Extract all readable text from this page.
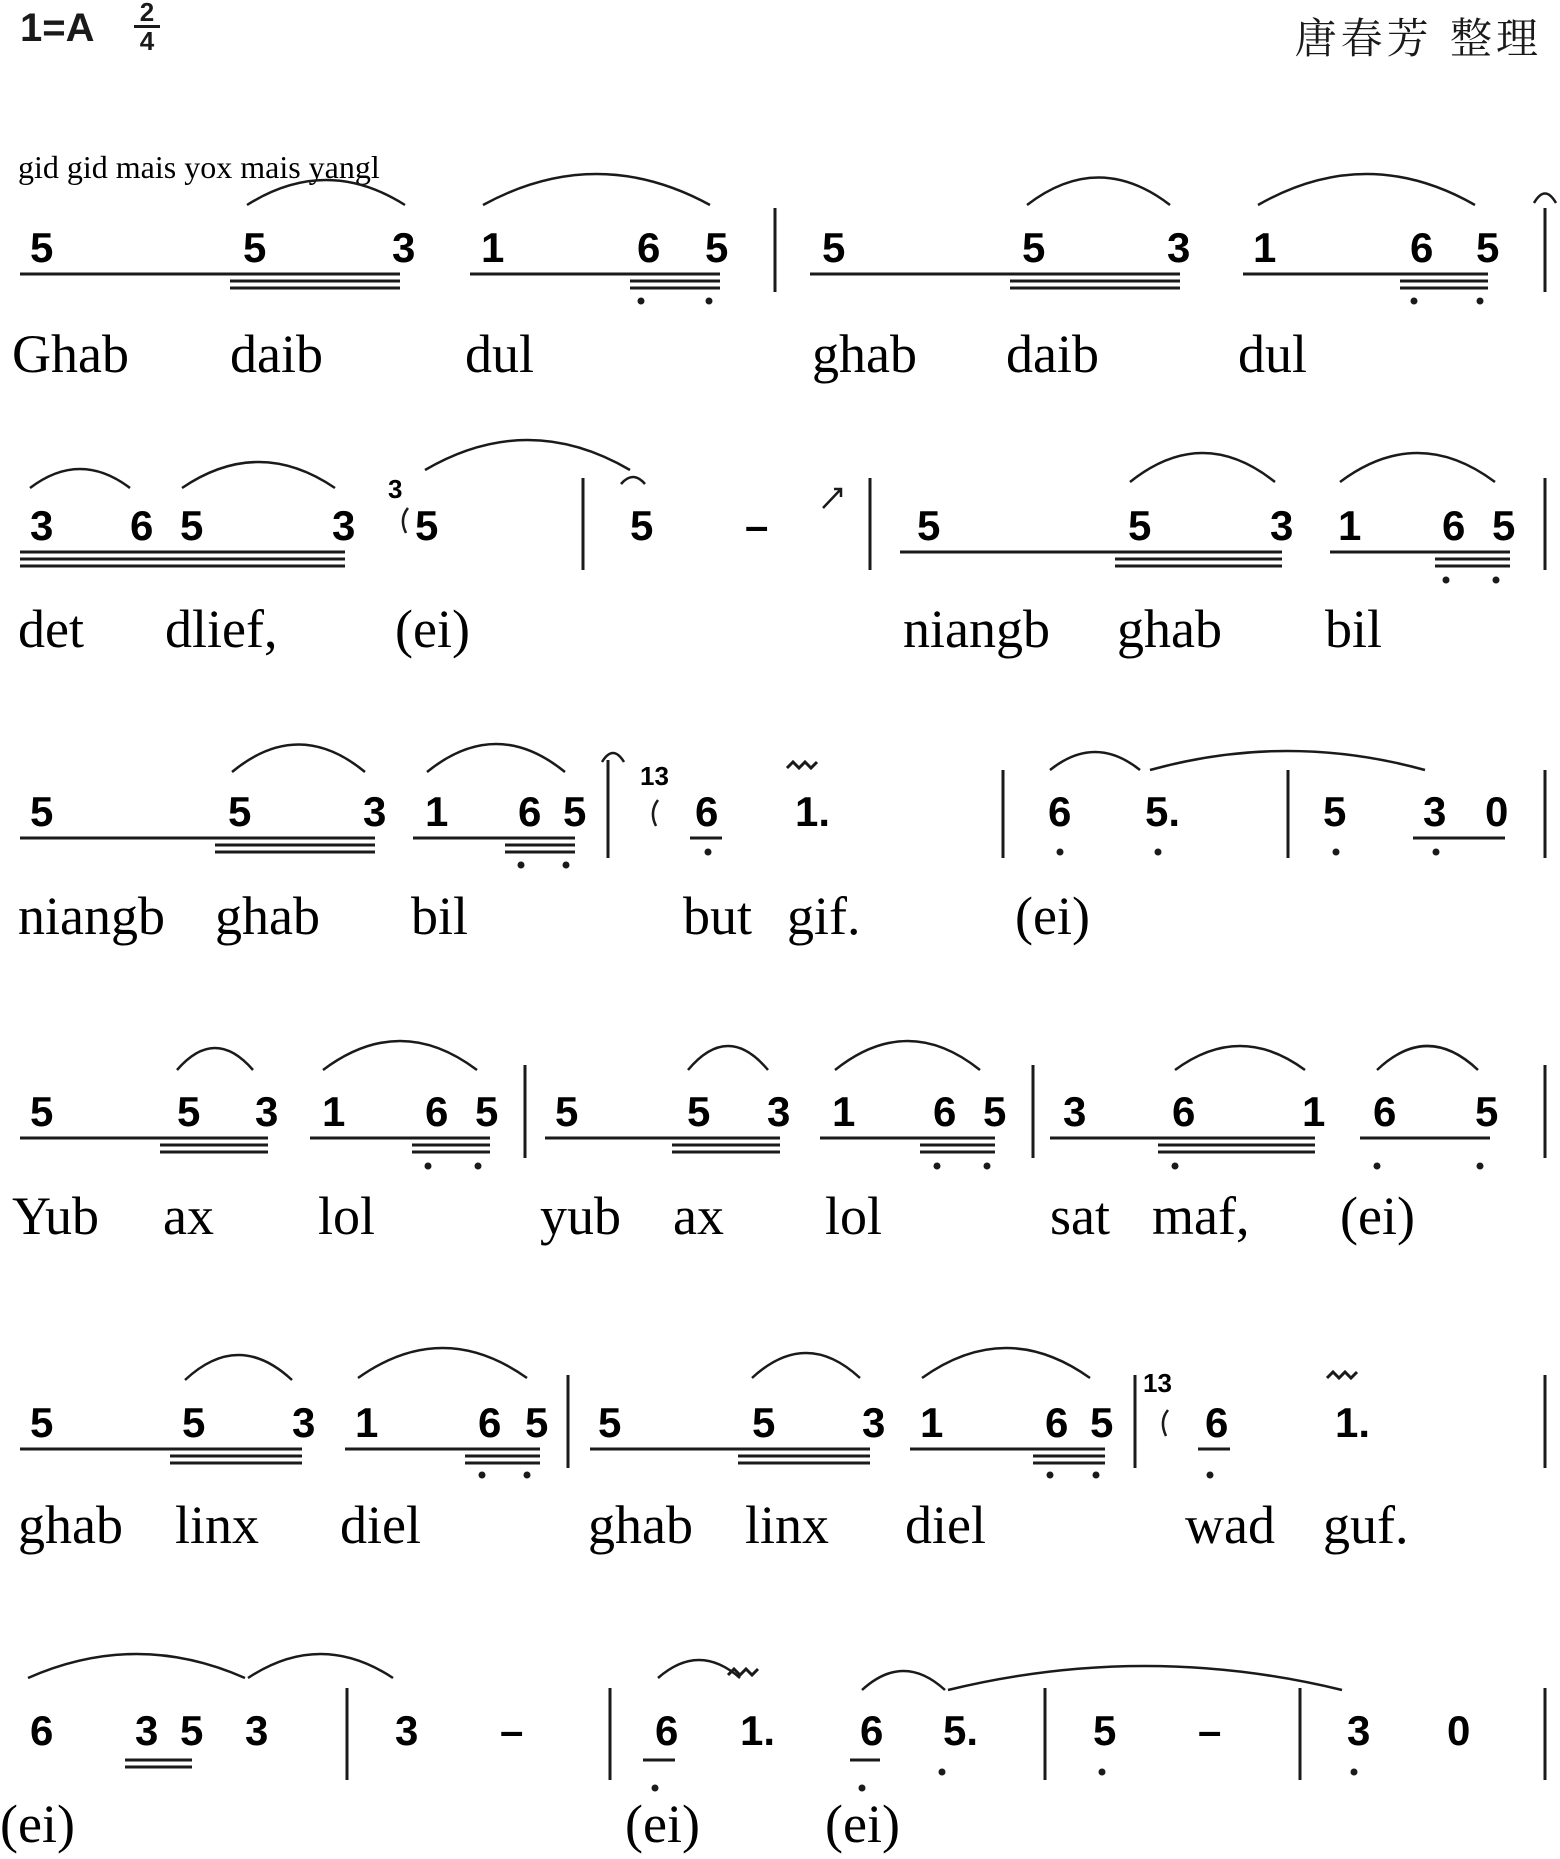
1=A 2
4	唐春芳 整理
gid gid mais yox mais yangl
5	5	3 1	6 5 5	5	3 1	6 5
Ghab daib	dul	ghab daib	dul
3 6 5	3 5	5 –	5	5	3 1 6 5
det dlief, (ei)	niangb ghab bil
5	5	3 1 6 5	6 1.	6 5.	5 3 0
niangb ghab bil	but gif.	(ei)
5	5 3 1 6 5 5	5 3 1 6 5 3 6	1 6 5
Yub ax lol	yub ax lol	sat maf, (ei)
5	5 3 1 6 5 5	5 3 1 6 5 6	1.
ghab linx diel	ghab linx diel	wad guf.
6 3 5 3	3 –	6 1. 6 5.	5 –	3 0
(ei)	(ei) (ei)
3
13
13
